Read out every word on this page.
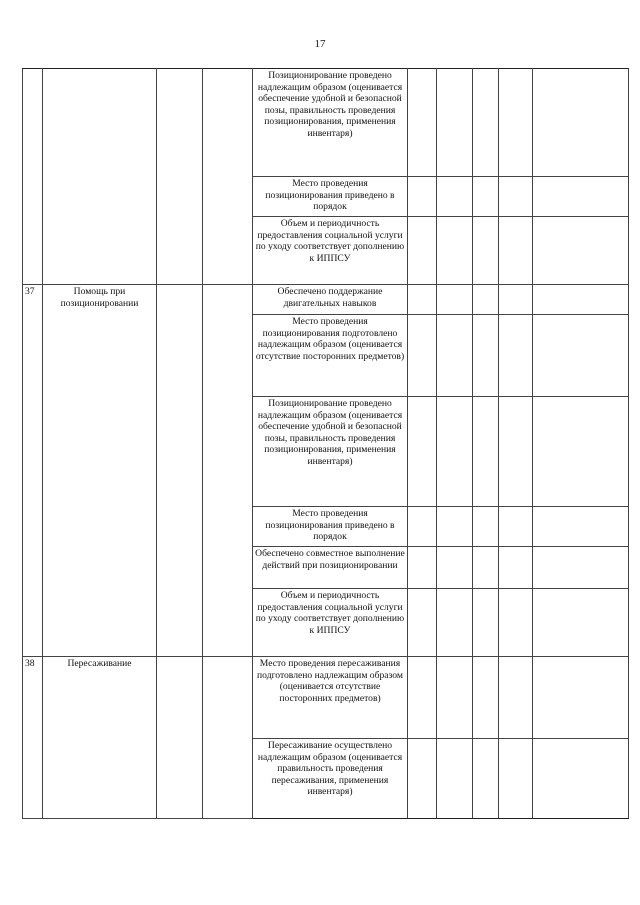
17
				Позиционирование проведено надлежащим образом (оценивается обеспечение удобной и безопасной позы, правильность проведения позиционирования, применения инвентаря)					
				Место проведения позиционирования приведено в порядок					
				Объем и периодичность предоставления социальной услуги по уходу соответствует дополнению к ИППСУ					
37	Помощь при позиционировании			Обеспечено поддержание двигательных навыков					
				Место проведения позиционирования подготовлено надлежащим образом (оценивается отсутствие посторонних предметов)					
				Позиционирование проведено надлежащим образом (оценивается обеспечение удобной и безопасной позы, правильность проведения позиционирования, применения инвентаря)					
				Место проведения позиционирования приведено в порядок					
				Обеспечено совместное выполнение действий при позиционировании					
				Объем и периодичность предоставления социальной услуги по уходу соответствует дополнению к ИППСУ					
38	Пересаживание			Место проведения пересаживания подготовлено надлежащим образом (оценивается отсутствие посторонних предметов)					
				Пересаживание осуществлено надлежащим образом (оценивается правильность проведения пересаживания, применения инвентаря)					
